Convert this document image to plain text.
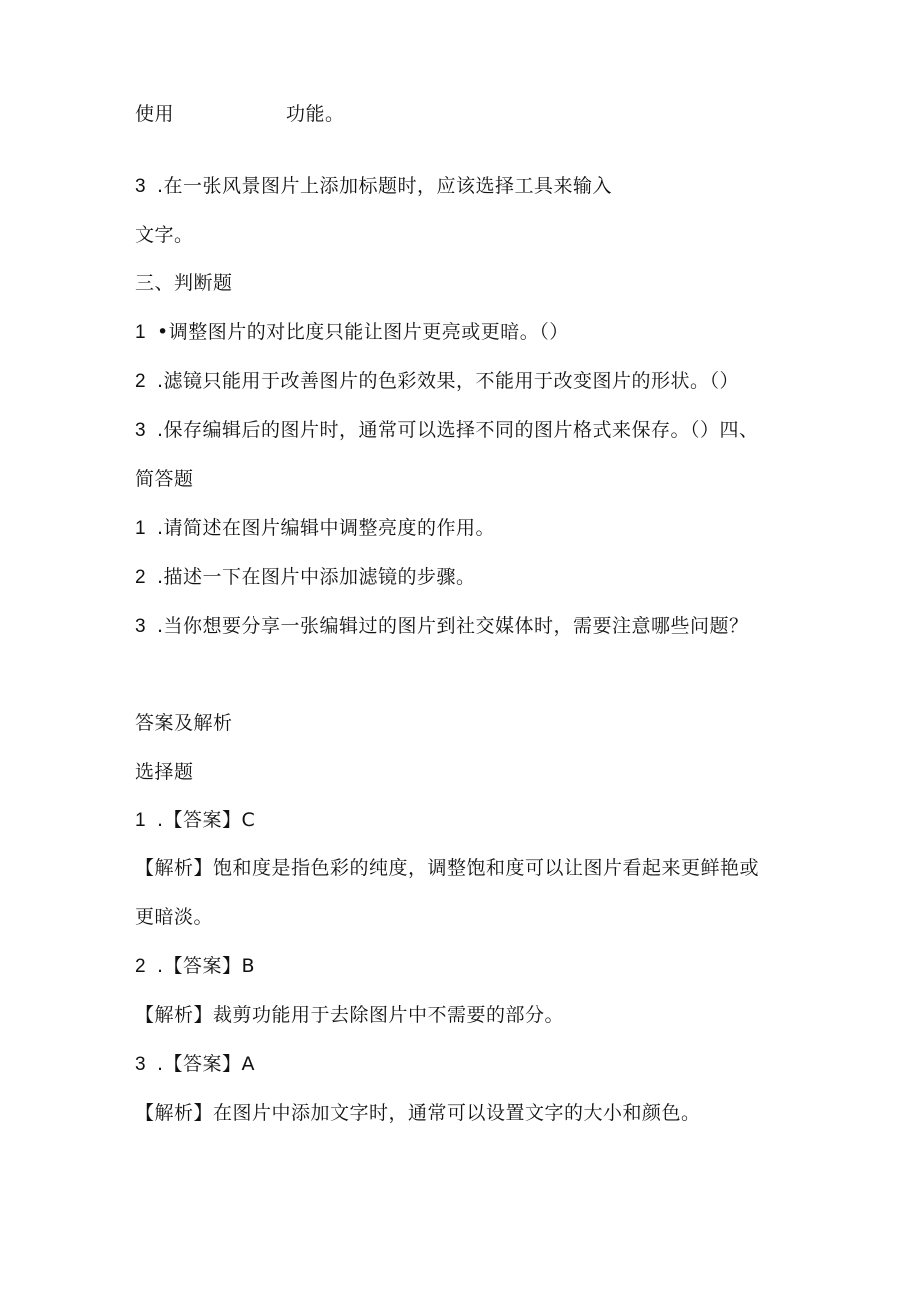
使用	功能。
3 .在一张风景图片上添加标题时，应该选择工具来输入
文字。
三、判断题
1 •调整图片的对比度只能让图片更亮或更暗。（）
2 .滤镜只能用于改善图片的色彩效果，不能用于改变图片的形状。（）
3 .保存编辑后的图片时，通常可以选择不同的图片格式来保存。（）四、
简答题
1 .请简述在图片编辑中调整亮度的作用。
2 .描述一下在图片中添加滤镜的步骤。
3 .当你想要分享一张编辑过的图片到社交媒体时，需要注意哪些问题？
答案及解析
选择题
1 .【答案】C
【解析】饱和度是指色彩的纯度，调整饱和度可以让图片看起来更鲜艳或
更暗淡。
2 .【答案】B
【解析】裁剪功能用于去除图片中不需要的部分。
3 .【答案】A
【解析】在图片中添加文字时，通常可以设置文字的大小和颜色。
